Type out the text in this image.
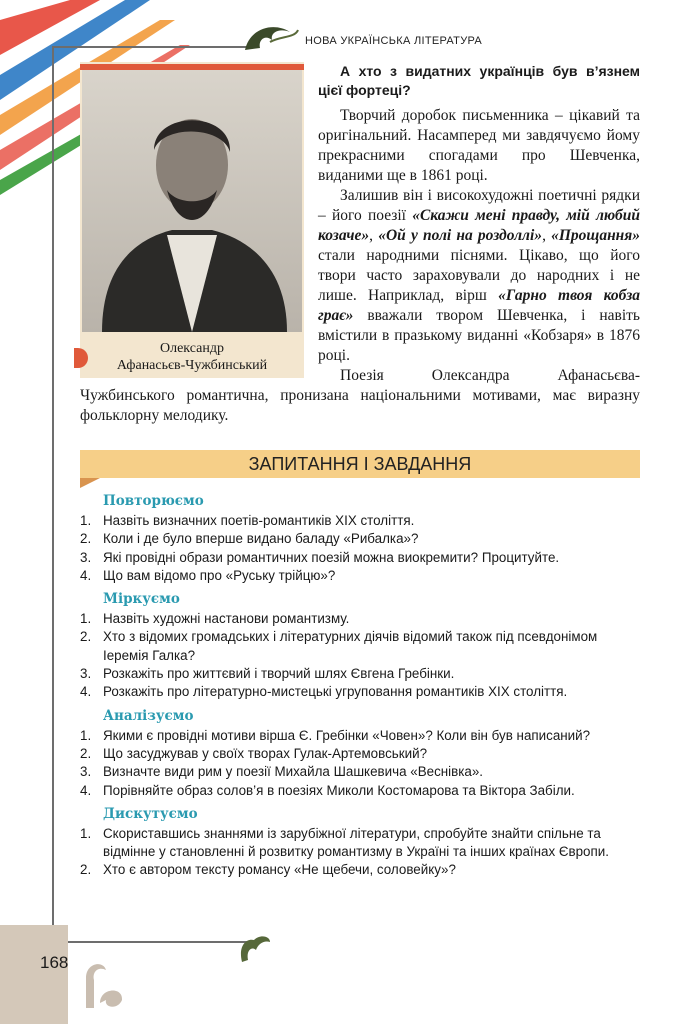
НОВА УКРАЇНСЬКА ЛІТЕРАТУРА
Олександр
Афанасьєв-Чужбинський
А хто з видатних українців був в’язнем цієї фортеці?

Творчий доробок письменника – цікавий та оригінальний. Насамперед ми завдячуємо йому прекрасними спогадами про Шевченка, виданими ще в 1861 році.

Залишив він і високохудожні поетичні рядки – його поезії «Скажи мені правду, мій любий козаче», «Ой у полі на роздоллі», «Прощання» стали народними піснями. Цікаво, що його твори часто зараховували до народних і не лише. Наприклад, вірш «Гарно твоя кобза грає» вважали твором Шевченка, і навіть вмістили в празькому виданні «Кобзаря» в 1876 році.

Поезія Олександра Афанасьєва-Чужбинського романтична, пронизана національними мотивами, має виразну фольклорну мелодику.

ЗАПИТАННЯ І ЗАВДАННЯ
Повторюємо
1. Назвіть визначних поетів-романтиків XIX століття.
2. Коли і де було вперше видано баладу «Рибалка»?
3. Які провідні образи романтичних поезій можна виокремити? Процитуйте.
4. Що вам відомо про «Руську трійцю»?
Міркуємо
1. Назвіть художні настанови романтизму.
2. Хто з відомих громадських і літературних діячів відомий також під псевдонімом Іеремія Галка?
3. Розкажіть про життєвий і творчий шлях Євгена Гребінки.
4. Розкажіть про літературно-мистецькі угруповання романтиків XIX століття.
Аналізуємо
1. Якими є провідні мотиви вірша Є. Гребінки «Човен»? Коли він був написаний?
2. Що засуджував у своїх творах Гулак-Артемовський?
3. Визначте види рим у поезії Михайла Шашкевича «Веснівка».
4. Порівняйте образ солов’я в поезіях Миколи Костомарова та Віктора Забіли.
Дискутуємо
1. Скориставшись знаннями із зарубіжної літератури, спробуйте знайти спільне та відмінне у становленні й розвитку романтизму в Україні та інших країнах Європи.
2. Хто є автором тексту романсу «Не щебечи, соловейку»?
168
